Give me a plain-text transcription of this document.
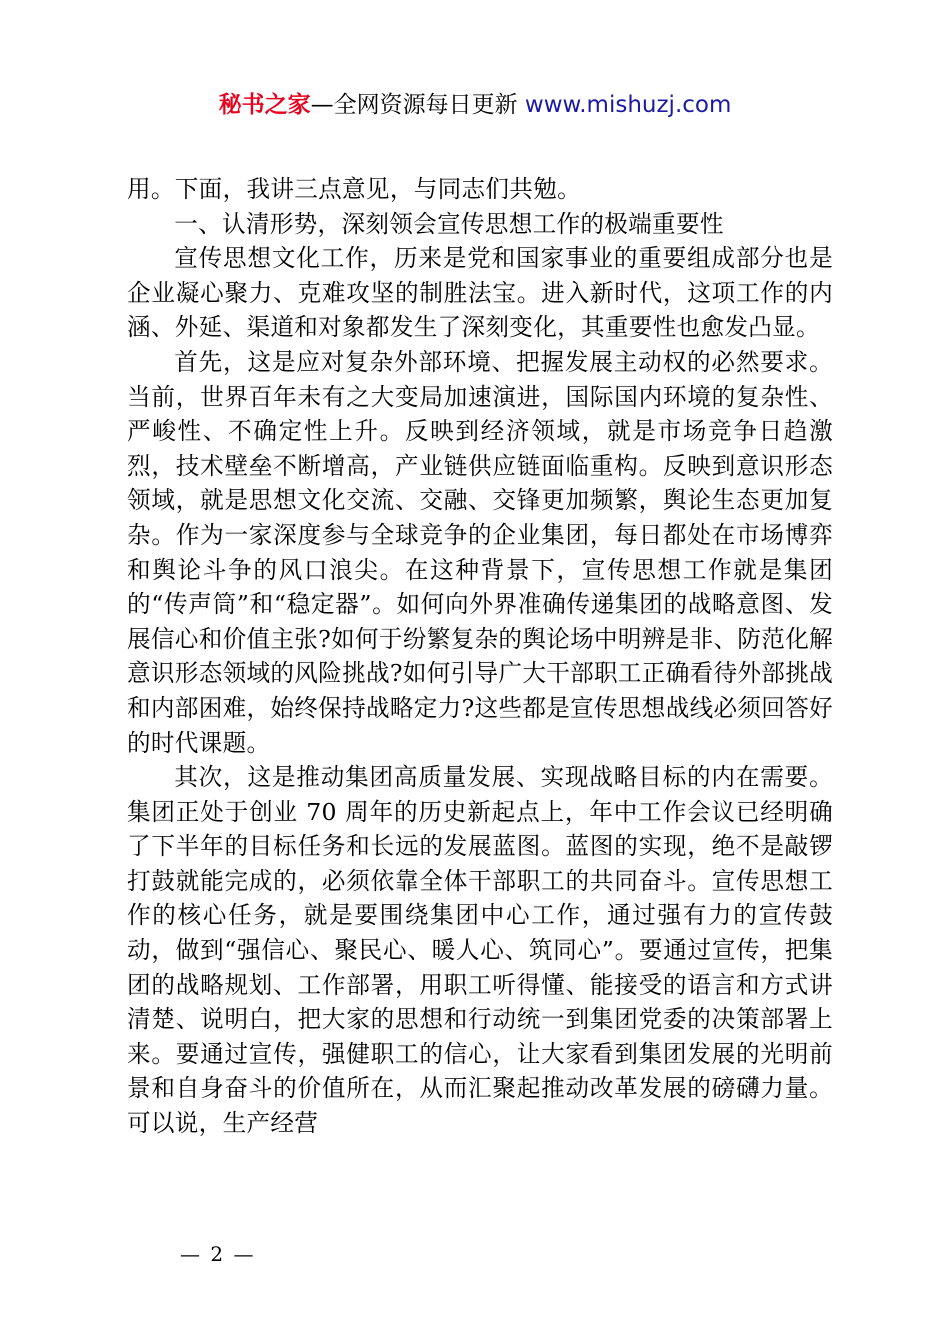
秘书之家—全网资源每日更新 www.mishuzj.com

用。下面，我讲三点意见，与同志们共勉。

一、认清形势，深刻领会宣传思想工作的极端重要性

宣传思想文化工作，历来是党和国家事业的重要组成部分也是企业凝心聚力、克难攻坚的制胜法宝。进入新时代，这项工作的内涵、外延、渠道和对象都发生了深刻变化，其重要性也愈发凸显。

首先，这是应对复杂外部环境、把握发展主动权的必然要求。当前，世界百年未有之大变局加速演进，国际国内环境的复杂性、严峻性、不确定性上升。反映到经济领域，就是市场竞争日趋激烈，技术壁垒不断增高，产业链供应链面临重构。反映到意识形态领域，就是思想文化交流、交融、交锋更加频繁，舆论生态更加复杂。作为一家深度参与全球竞争的企业集团，每日都处在市场博弈和舆论斗争的风口浪尖。在这种背景下，宣传思想工作就是集团的“传声筒”和“稳定器”。如何向外界准确传递集团的战略意图、发展信心和价值主张?如何于纷繁复杂的舆论场中明辨是非、防范化解意识形态领域的风险挑战?如何引导广大干部职工正确看待外部挑战和内部困难，始终保持战略定力?这些都是宣传思想战线必须回答好的时代课题。

其次，这是推动集团高质量发展、实现战略目标的内在需要。集团正处于创业 70 周年的历史新起点上，年中工作会议已经明确了下半年的目标任务和长远的发展蓝图。蓝图的实现，绝不是敲锣打鼓就能完成的，必须依靠全体干部职工的共同奋斗。宣传思想工作的核心任务，就是要围绕集团中心工作，通过强有力的宣传鼓动，做到“强信心、聚民心、暖人心、筑同心”。要通过宣传，把集团的战略规划、工作部署，用职工听得懂、能接受的语言和方式讲清楚、说明白，把大家的思想和行动统一到集团党委的决策部署上来。要通过宣传，强健职工的信心，让大家看到集团发展的光明前景和自身奋斗的价值所在，从而汇聚起推动改革发展的磅礴力量。可以说，生产经营

— 2 —
